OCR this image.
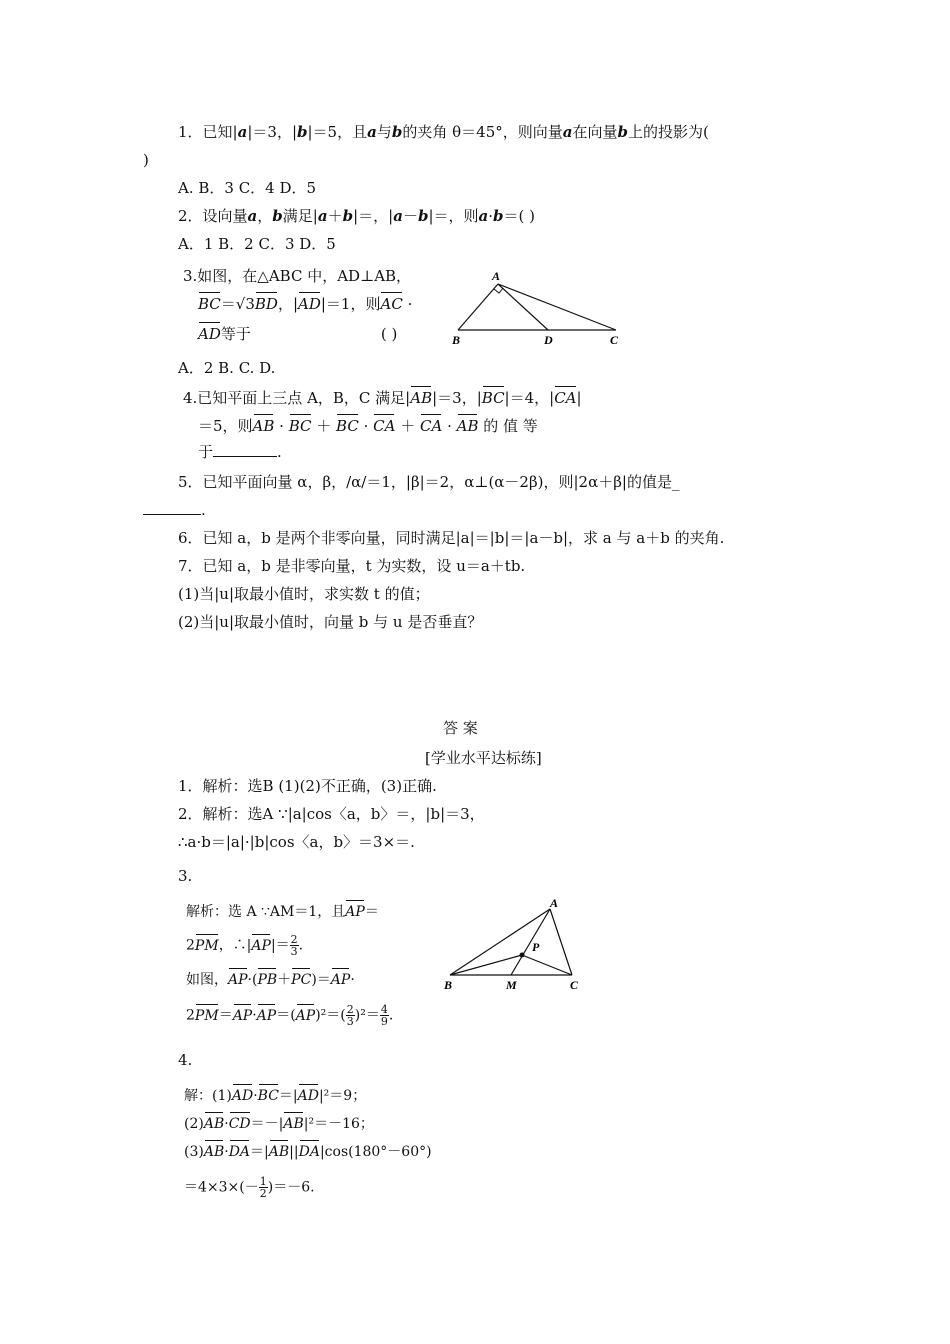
1．已知|a|＝3，|b|＝5，且a与b的夹角 θ＝45°，则向量a在向量b上的投影为(
)
A. B．3 C．4 D．5
2．设向量a，b满足|a＋b|＝，|a－b|＝，则a·b＝( )
A．1 B．2 C．3 D．5
3.如图，在△ABC 中，AD⊥AB，
BC＝√3BD，|AD|＝1，则AC ·
AD等于	( )
A
B	D	C
A．2 B. C. D.
4.已知平面上三点 A，B，C 满足|AB|＝3，|BC|＝4，|CA|
＝5，则AB · BC ＋ BC · CA ＋ CA · AB 的 值 等
于	.
5．已知平面向量 α，β，/α/＝1，|β|＝2，α⊥(α－2β)，则|2α＋β|的值是_
.
6．已知 a，b 是两个非零向量，同时满足|a|＝|b|＝|a－b|，求 a 与 a＋b 的夹角.
7．已知 a，b 是非零向量，t 为实数，设 u＝a＋tb.
(1)当|u|取最小值时，求实数 t 的值；
(2)当|u|取最小值时，向量 b 与 u 是否垂直？
答 案
[学业水平达标练]
1．解析：选B (1)(2)不正确，(3)正确.
2．解析：选A ∵|a|cos〈a，b〉＝，|b|＝3，
∴a·b＝|a|·|b|cos〈a，b〉＝3×＝.
3.
解析：选 A ∵AM＝1，且AP＝
2PM，∴|AP|＝ $\frac{2}{3}$ .
如图，AP·(PB＋PC)＝AP·
$2PM=AP\cdot AP=(AP)^2=( \frac{2}{3} )^2= \frac{4}{9}$ .
A
P
B	M	C
4.
解：(1)AD·BC＝|AD|²＝9；
(2)AB·CD＝－|AB|²＝－16；
(3)AB·DA＝|AB||DA|cos(180°－60°)
$=4\times 3\times(- \frac{1}{2} )=-6$.
